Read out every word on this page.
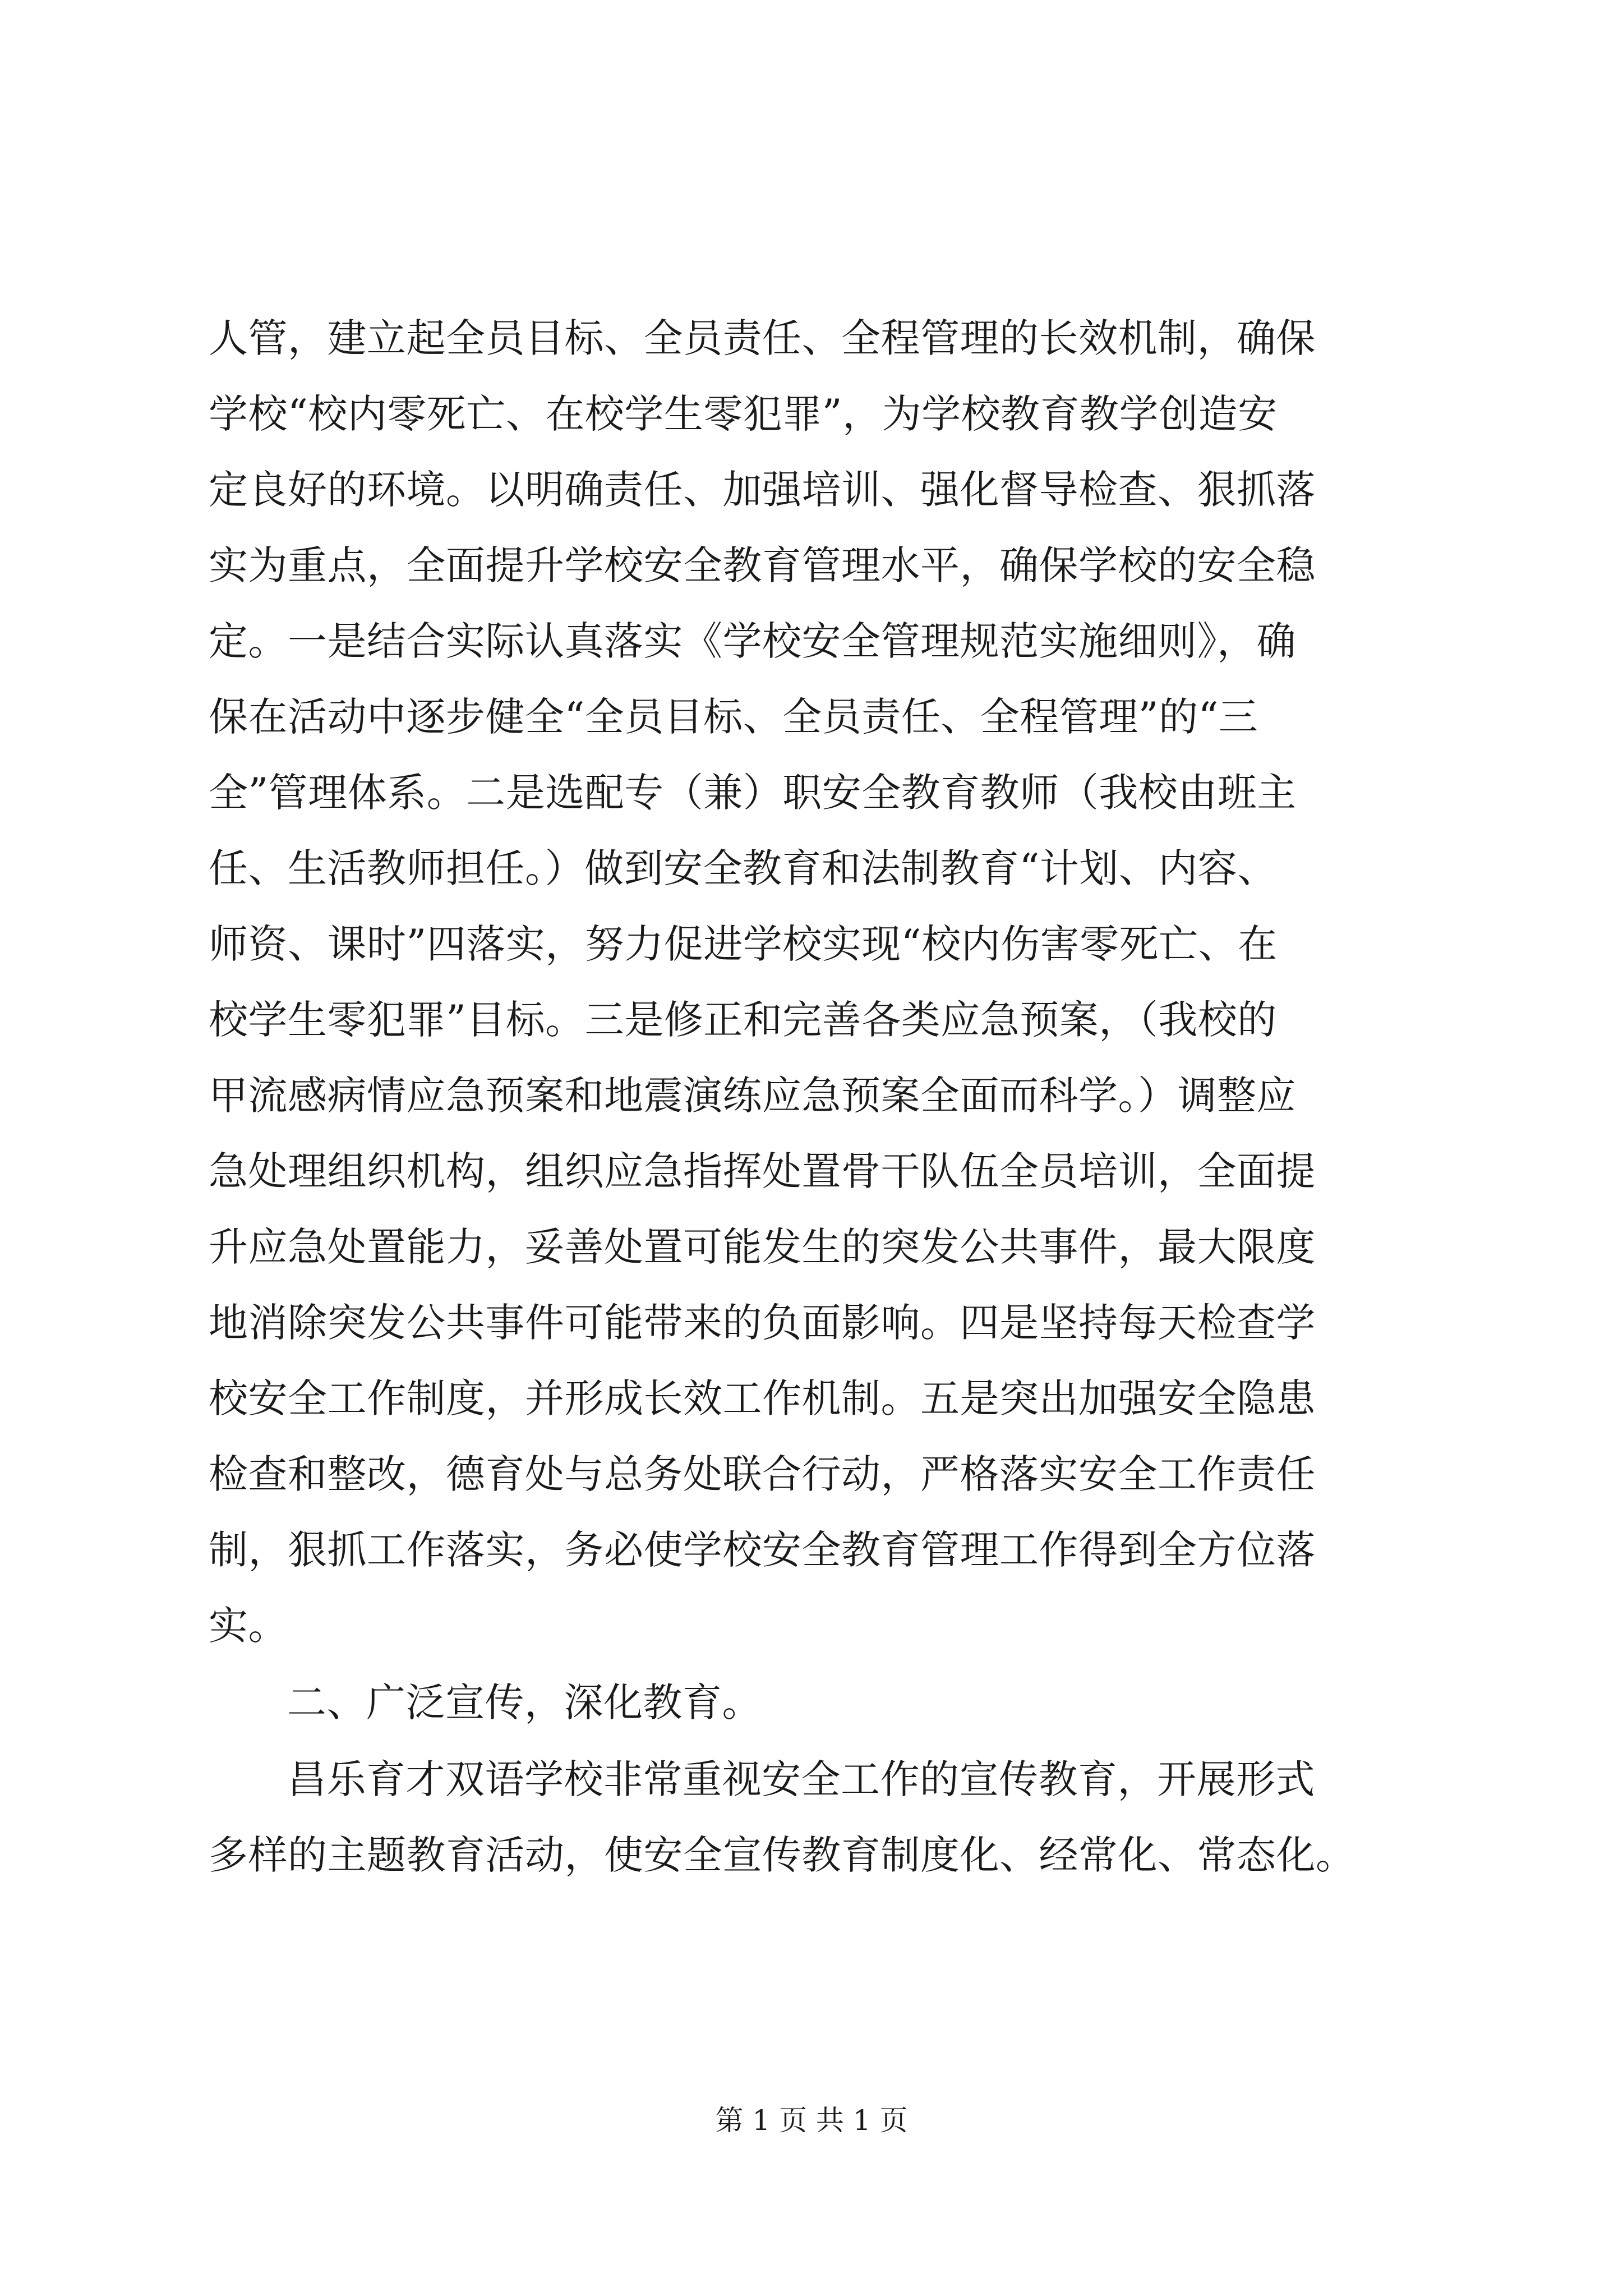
人管，建立起全员目标、全员责任、全程管理的长效机制，确保
学校“校内零死亡、在校学生零犯罪”，为学校教育教学创造安
定良好的环境。以明确责任、加强培训、强化督导检查、狠抓落
实为重点，全面提升学校安全教育管理水平，确保学校的安全稳
定。一是结合实际认真落实《学校安全管理规范实施细则》，确
保在活动中逐步健全“全员目标、全员责任、全程管理”的“三
全”管理体系。二是选配专（兼）职安全教育教师（我校由班主
任、生活教师担任。）做到安全教育和法制教育“计划、内容、
师资、课时”四落实，努力促进学校实现“校内伤害零死亡、在
校学生零犯罪”目标。三是修正和完善各类应急预案，（我校的
甲流感病情应急预案和地震演练应急预案全面而科学。）调整应
急处理组织机构，组织应急指挥处置骨干队伍全员培训，全面提
升应急处置能力，妥善处置可能发生的突发公共事件，最大限度
地消除突发公共事件可能带来的负面影响。四是坚持每天检查学
校安全工作制度，并形成长效工作机制。五是突出加强安全隐患
检查和整改，德育处与总务处联合行动，严格落实安全工作责任
制，狠抓工作落实，务必使学校安全教育管理工作得到全方位落
实。
二、广泛宣传，深化教育。
昌乐育才双语学校非常重视安全工作的宣传教育，开展形式
多样的主题教育活动，使安全宣传教育制度化、经常化、常态化。
第 1 页 共 1 页
